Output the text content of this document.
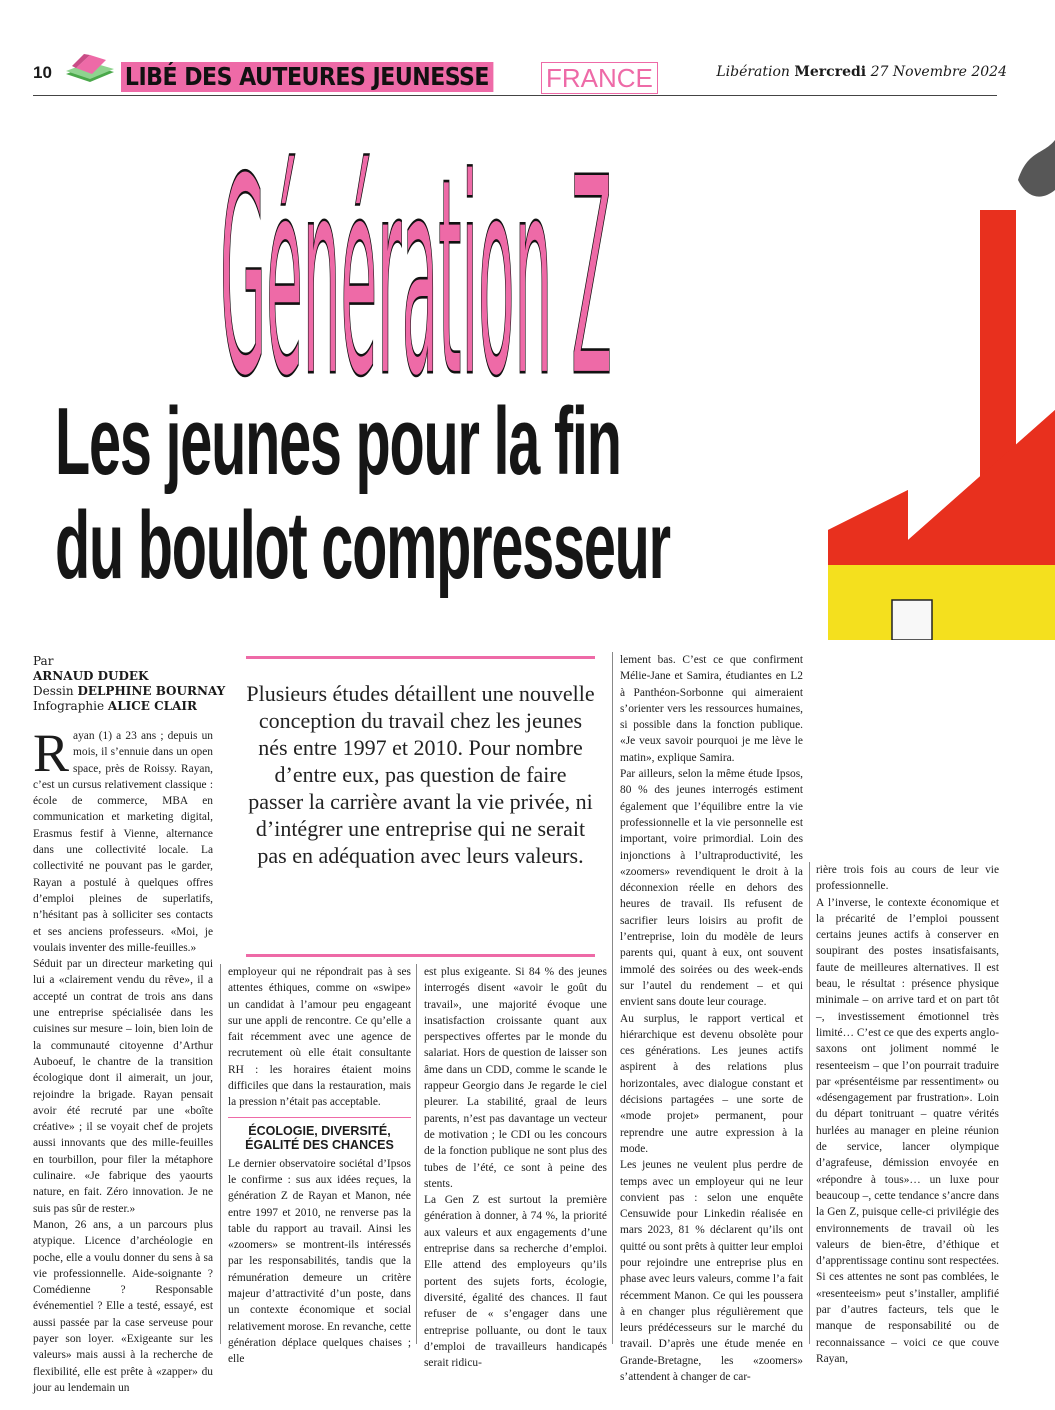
10	LIBÉ DES AUTEURES JEUNESSE FRANCE	Libération Mercredi 27 Novembre 2024
Génération Z
Les jeunes pour la fin
du boulot compresseur
Par
ARNAUD DUDEK
Dessin DELPHINE BOURNAY
Infographie ALICE CLAIR	Plusieurs études détaillent une nouvelle conception du travail chez les jeunes nés entre 1997 et 2010. Pour nombre d’entre eux, pas question de faire passer la carrière avant la vie privée, ni d’intégrer une entreprise qui ne serait pas en adéquation avec leurs valeurs.

Rayan (1) a 23 ans ; depuis un mois, il s’ennuie dans un open space, près de Roissy. Rayan, c’est un cursus relativement classique : école de commerce, MBA en communication et marketing digital, Erasmus festif à Vienne, alternance dans une collectivité locale. La collectivité ne pouvant pas le garder, Rayan a postulé à quelques offres d’emploi pleines de superlatifs, n’hésitant pas à solliciter ses contacts et ses anciens professeurs. «Moi, je voulais inventer des mille-feuilles.»

Séduit par un directeur marketing qui lui a «clairement vendu du rêve», il a accepté un contrat de trois ans dans une entreprise spécialisée dans les cuisines sur mesure – loin, bien loin de la communauté citoyenne d’Arthur Auboeuf, le chantre de la transition écologique dont il aimerait, un jour, rejoindre la brigade. Rayan pensait avoir été recruté par une «boîte créative» ; il se voyait chef de projets aussi innovants que des mille-feuilles en tourbillon, pour filer la métaphore culinaire. «Je fabrique des yaourts nature, en fait. Zéro innovation. Je ne suis pas sûr de rester.»

Manon, 26 ans, a un parcours plus atypique. Licence d’archéologie en poche, elle a voulu donner du sens à sa vie professionnelle. Aide-soignante ? Comédienne ? Responsable événementiel ? Elle a testé, essayé, est aussi passée par la case serveuse pour payer son loyer. «Exigeante sur les valeurs» mais aussi à la recherche de flexibilité, elle est prête à «zapper» du jour au lendemain un

employeur qui ne répondrait pas à ses attentes éthiques, comme on «swipe» un candidat à l’amour peu engageant sur une appli de rencontre. Ce qu’elle a fait récemment avec une agence de recrutement où elle était consultante RH : les horaires étaient moins difficiles que dans la restauration, mais la pression n’était pas acceptable.

ÉCOLOGIE, DIVERSITÉ, ÉGALITÉ DES CHANCES

Le dernier observatoire sociétal d’Ipsos le confirme : sus aux idées reçues, la génération Z de Rayan et Manon, née entre 1997 et 2010, ne renverse pas la table du rapport au travail. Ainsi les «zoomers» se montrent-ils intéressés par les responsabilités, tandis que la rémunération demeure un critère majeur d’attractivité d’un poste, dans un contexte économique et social relativement morose. En revanche, cette génération déplace quelques chaises ; elle

est plus exigeante. Si 84 % des jeunes interrogés disent «avoir le goût du travail», une majorité évoque une insatisfaction croissante quant aux perspectives offertes par le monde du salariat. Hors de question de laisser son âme dans un CDD, comme le scande le rappeur Georgio dans Je regarde le ciel pleurer. La stabilité, graal de leurs parents, n’est pas davantage un vecteur de motivation ; le CDI ou les concours de la fonction publique ne sont plus des tubes de l’été, ce sont à peine des stents.

La Gen Z est surtout la première génération à donner, à 74 %, la priorité aux valeurs et aux engagements d’une entreprise dans sa recherche d’emploi. Elle attend des employeurs qu’ils portent des sujets forts, écologie, diversité, égalité des chances. Il faut refuser de « s’engager dans une entreprise polluante, ou dont le taux d’emploi de travailleurs handicapés serait ridicu-

lement bas. C’est ce que confirment Mélie-Jane et Samira, étudiantes en L2 à Panthéon-Sorbonne qui aimeraient s’orienter vers les ressources humaines, si possible dans la fonction publique. «Je veux savoir pourquoi je me lève le matin», explique Samira.

Par ailleurs, selon la même étude Ipsos, 80 % des jeunes interrogés estiment également que l’équilibre entre la vie professionnelle et la vie personnelle est important, voire primordial. Loin des injonctions à l’ultraproductivité, les «zoomers» revendiquent le droit à la déconnexion réelle en dehors des heures de travail. Ils refusent de sacrifier leurs loisirs au profit de l’entreprise, loin du modèle de leurs parents qui, quant à eux, ont souvent immolé des soirées ou des week-ends sur l’autel du rendement – et qui envient sans doute leur courage.

Au surplus, le rapport vertical et hiérarchique est devenu obsolète pour ces générations. Les jeunes actifs aspirent à des relations plus horizontales, avec dialogue constant et décisions partagées – une sorte de «mode projet» permanent, pour reprendre une autre expression à la mode.

Les jeunes ne veulent plus perdre de temps avec un employeur qui ne leur convient pas : selon une enquête Censuwide pour Linkedin réalisée en mars 2023, 81 % déclarent qu’ils ont quitté ou sont prêts à quitter leur emploi pour rejoindre une entreprise plus en phase avec leurs valeurs, comme l’a fait récemment Manon. Ce qui les poussera à en changer plus régulièrement que leurs prédécesseurs sur le marché du travail. D’après une étude menée en Grande-Bretagne, les «zoomers» s’attendent à changer de car-

rière trois fois au cours de leur vie professionnelle.

A l’inverse, le contexte économique et la précarité de l’emploi poussent certains jeunes actifs à conserver en soupirant des postes insatisfaisants, faute de meilleures alternatives. Il est beau, le résultat : présence physique minimale – on arrive tard et on part tôt –, investissement émotionnel très limité… C’est ce que des experts anglo-saxons ont joliment nommé le resenteeism – que l’on pourrait traduire par «présentéisme par ressentiment» ou «désengagement par frustration». Loin du départ tonitruant – quatre vérités hurlées au manager en pleine réunion de service, lancer olympique d’agrafeuse, démission envoyée en «répondre à tous»… un luxe pour beaucoup –, cette tendance s’ancre dans la Gen Z, puisque celle-ci privilégie des environnements de travail où les valeurs de bien-être, d’éthique et d’apprentissage continu sont respectées. Si ces attentes ne sont pas comblées, le «resenteeism» peut s’installer, amplifié par d’autres facteurs, tels que le manque de responsabilité ou de reconnaissance – voici ce que couve Rayan,
